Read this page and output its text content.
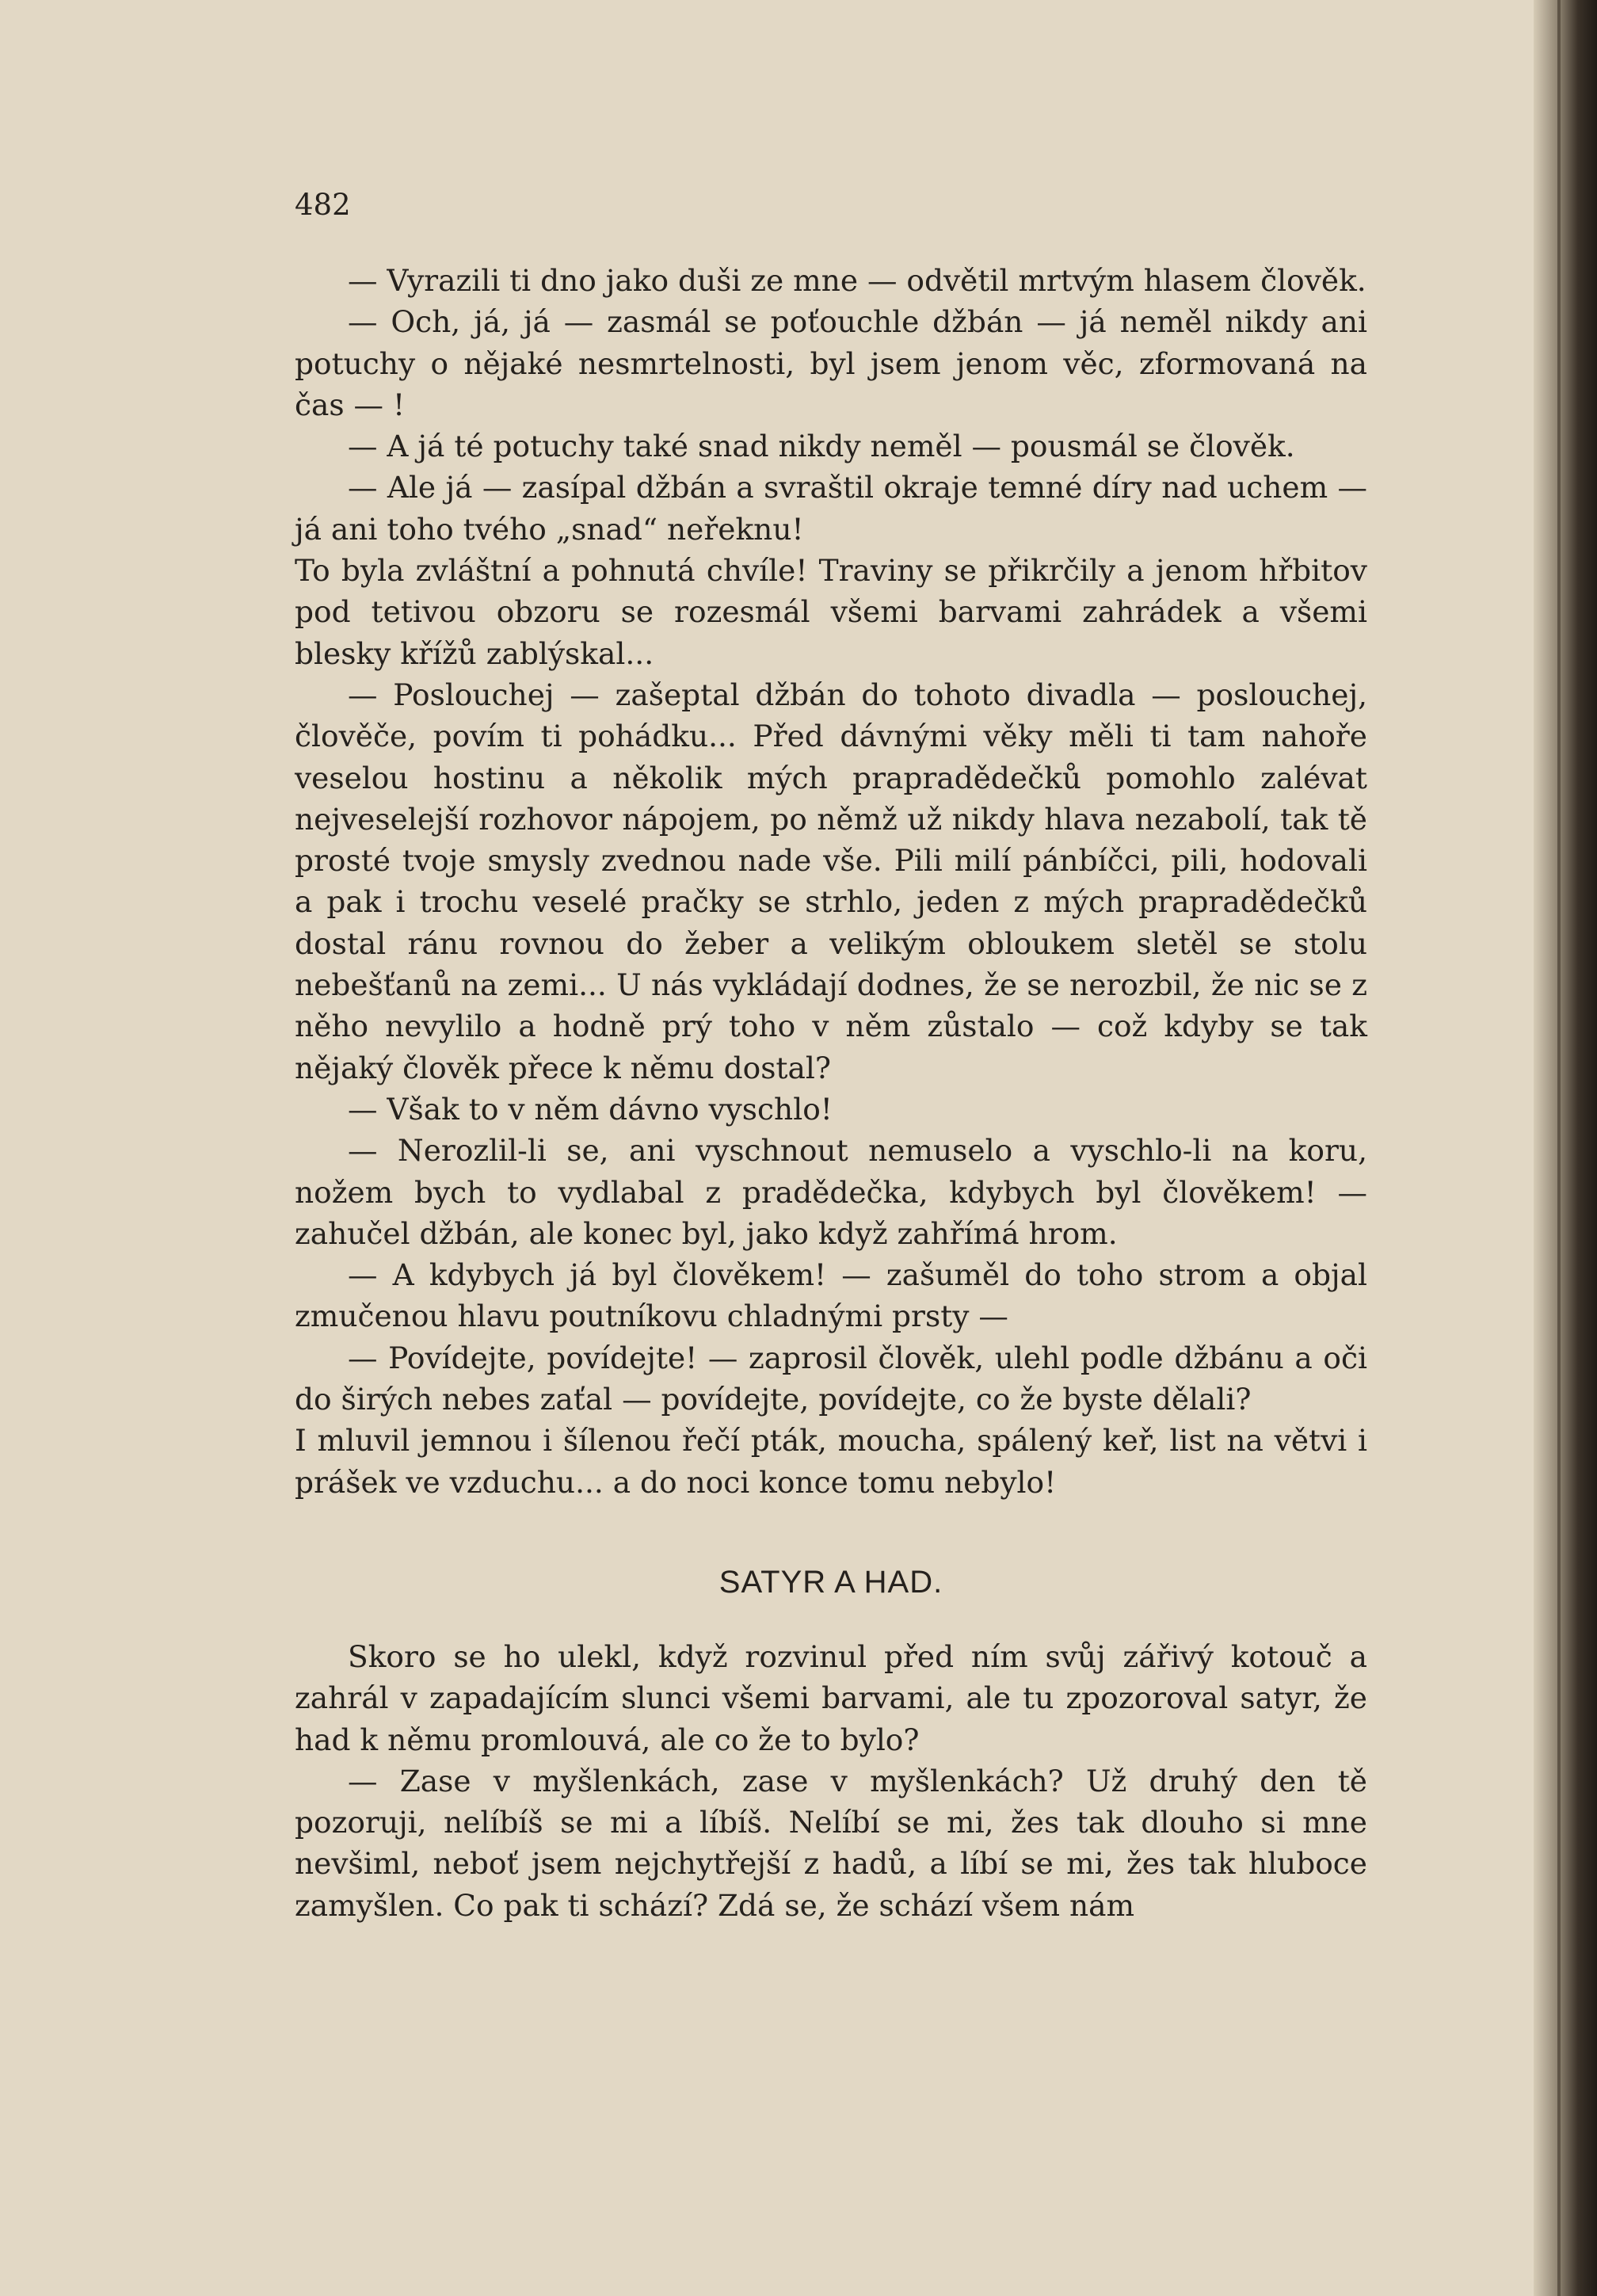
482

— Vyrazili ti dno jako duši ze mne — odvětil mrtvým hlasem člověk.

— Och, já, já — zasmál se poťouchle džbán — já neměl nikdy ani potuchy o nějaké nesmrtelnosti, byl jsem jenom věc, zformovaná na čas — !

— A já té potuchy také snad nikdy neměl — pousmál se člověk.

— Ale já — zasípal džbán a svraštil okraje temné díry nad uchem — já ani toho tvého „snad“ neřeknu!

To byla zvláštní a pohnutá chvíle! Traviny se přikrčily a jenom hřbitov pod tetivou obzoru se rozesmál všemi barvami zahrádek a všemi blesky křížů zablýskal...

— Poslouchej — zašeptal džbán do tohoto divadla — poslouchej, člověče, povím ti pohádku... Před dávnými věky měli ti tam nahoře veselou hostinu a několik mých prapradědečků pomohlo zalévat nejveselejší rozhovor nápojem, po němž už nikdy hlava nezabolí, tak tě prosté tvoje smysly zvednou nade vše. Pili milí pánbíčci, pili, hodovali a pak i trochu veselé pračky se strhlo, jeden z mých prapradědečků dostal ránu rovnou do žeber a velikým obloukem sletěl se stolu nebešťanů na zemi... U nás vykládají dodnes, že se nerozbil, že nic se z něho nevylilo a hodně prý toho v něm zůstalo — což kdyby se tak nějaký člověk přece k němu dostal?

— Však to v něm dávno vyschlo!

— Nerozlil-li se, ani vyschnout nemuselo a vyschlo-li na koru, nožem bych to vydlabal z pradědečka, kdybych byl člověkem! — zahučel džbán, ale konec byl, jako když zahřímá hrom.

— A kdybych já byl člověkem! — zašuměl do toho strom a objal zmučenou hlavu poutníkovu chladnými prsty —

— Povídejte, povídejte! — zaprosil člověk, ulehl podle džbánu a oči do širých nebes zaťal — povídejte, povídejte, co že byste dělali?

I mluvil jemnou i šílenou řečí pták, moucha, spálený keř, list na větvi i prášek ve vzduchu... a do noci konce tomu nebylo!

SATYR A HAD.

Skoro se ho ulekl, když rozvinul před ním svůj zářivý kotouč a zahrál v zapadajícím slunci všemi barvami, ale tu zpozoroval satyr, že had k němu promlouvá, ale co že to bylo?

— Zase v myšlenkách, zase v myšlenkách? Už druhý den tě pozoruji, nelíbíš se mi a líbíš. Nelíbí se mi, žes tak dlouho si mne nevšiml, neboť jsem nejchytřejší z hadů, a líbí se mi, žes tak hluboce zamyšlen. Co pak ti schází? Zdá se, že schází všem nám
